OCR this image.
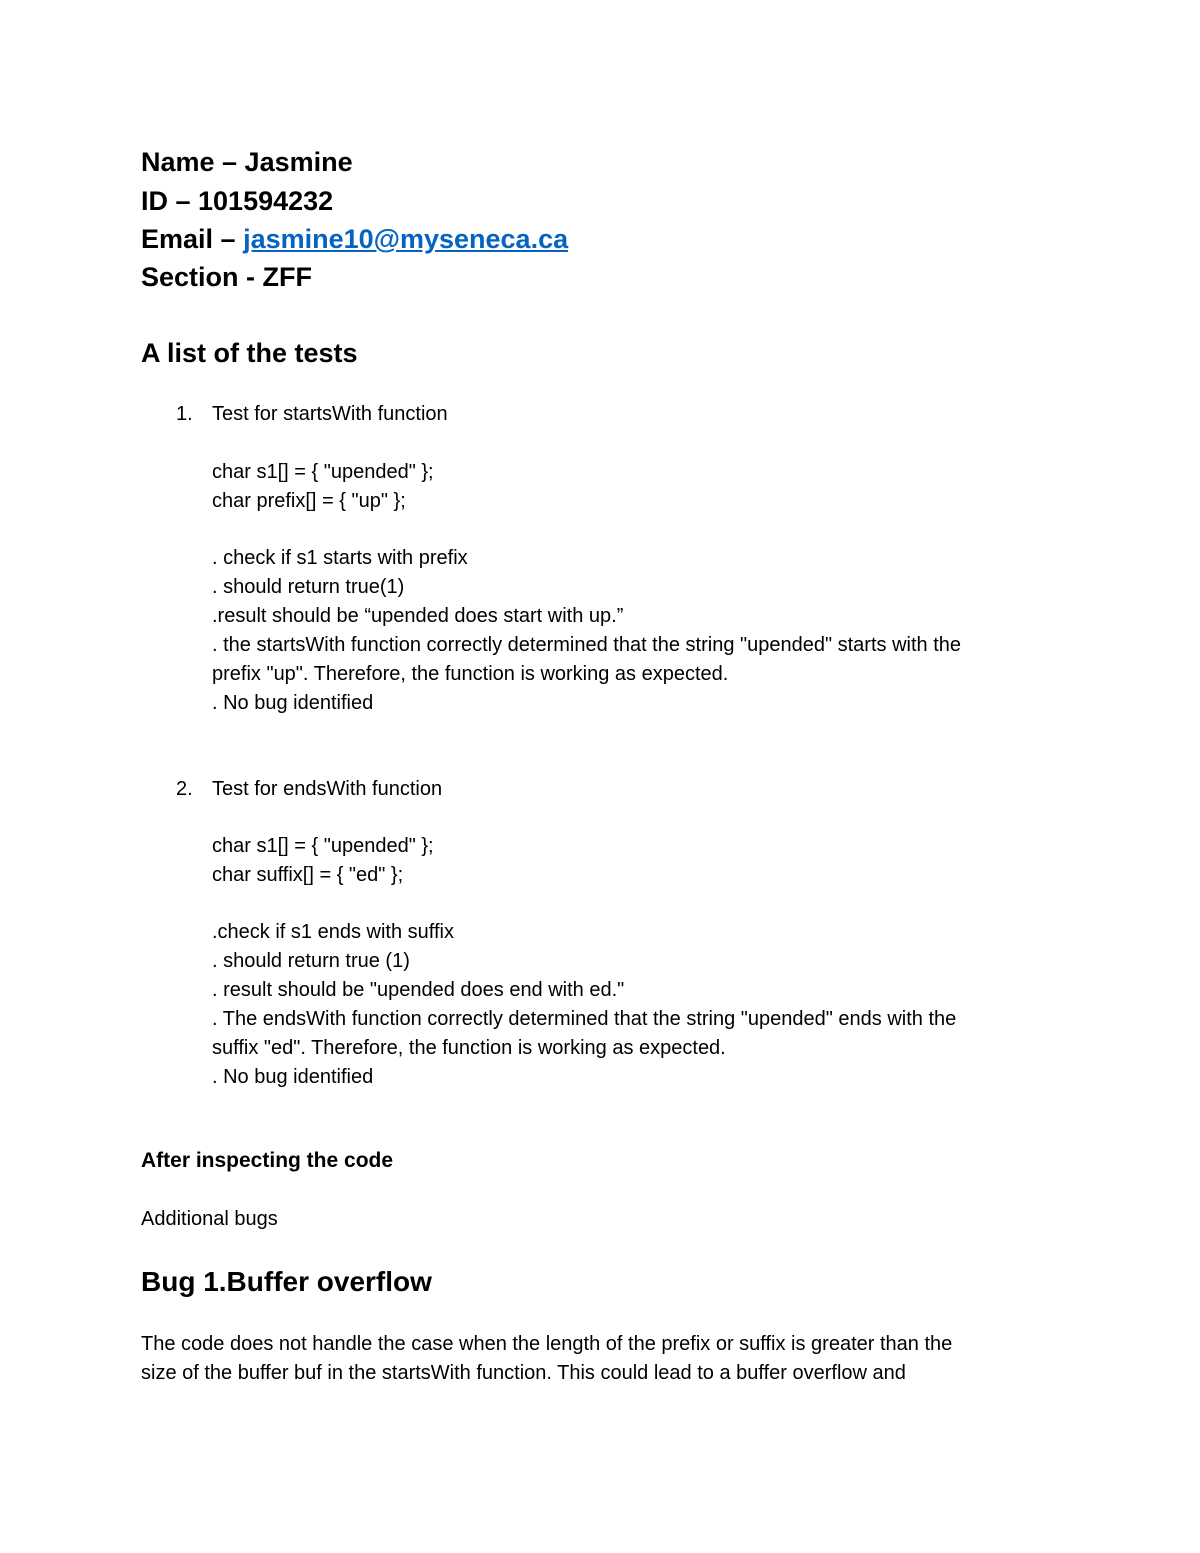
Name – Jasmine
ID – 101594232
Email – jasmine10@myseneca.ca
Section - ZFF
A list of the tests
1. Test for startsWith function
char s1[] = { "upended" };
char prefix[] = { "up" };
. check if s1 starts with prefix
. should return true(1)
.result should be “upended does start with up.”
. the startsWith function correctly determined that the string "upended" starts with the
prefix "up". Therefore, the function is working as expected.
. No bug identified
2. Test for endsWith function
char s1[] = { "upended" };
char suffix[] = { "ed" };
.check if s1 ends with suffix
. should return true (1)
. result should be "upended does end with ed."
. The endsWith function correctly determined that the string "upended" ends with the
suffix "ed". Therefore, the function is working as expected.
. No bug identified
After inspecting the code
Additional bugs
Bug 1.Buffer overflow
The code does not handle the case when the length of the prefix or suffix is greater than the
size of the buffer buf in the startsWith function. This could lead to a buffer overflow and
